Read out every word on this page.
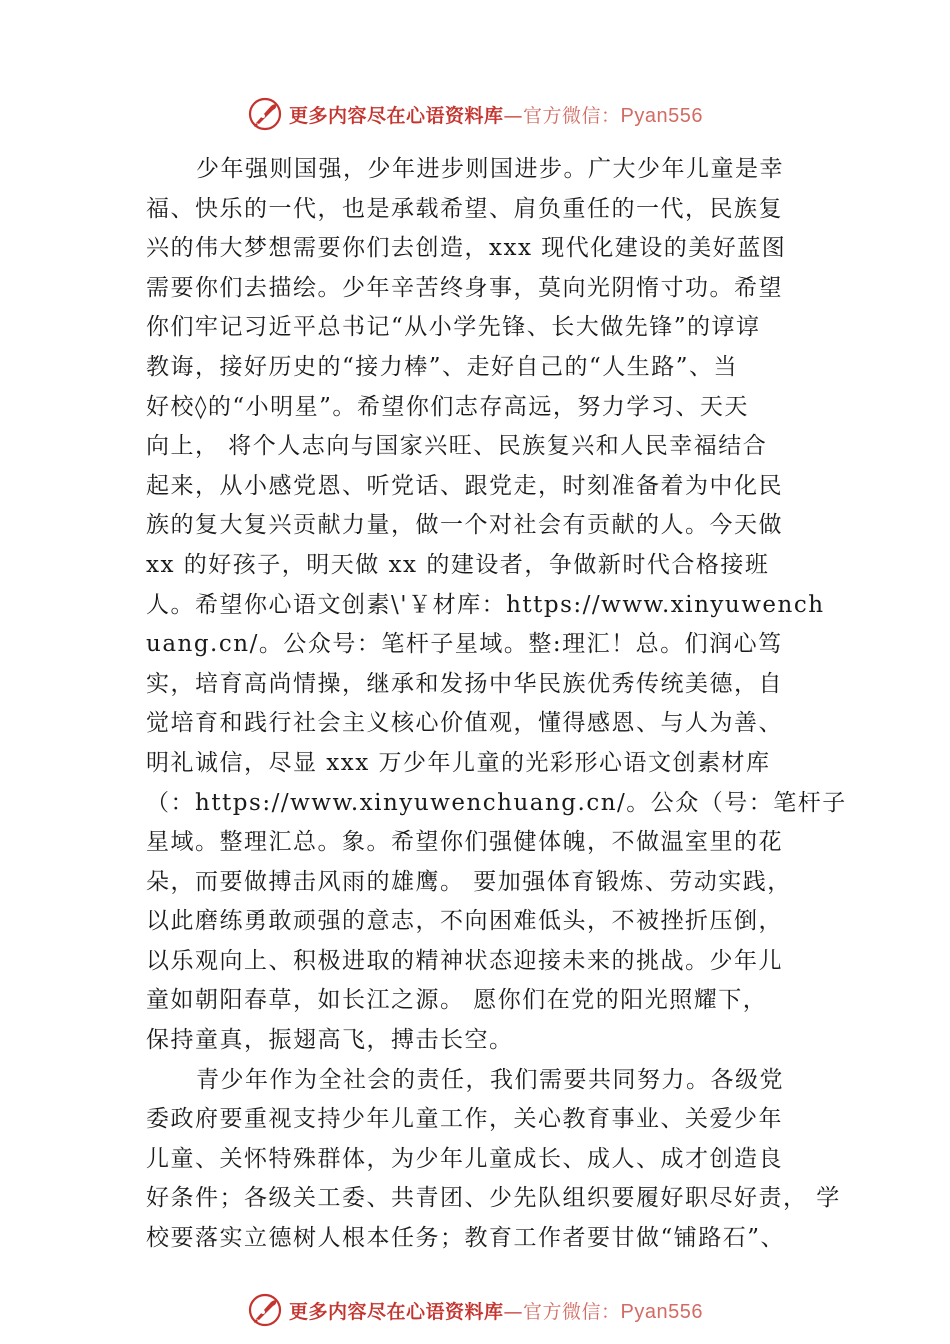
更多内容尽在心语资料库—官方微信：Pyan556
少年强则国强，少年进步则国进步。广大少年儿童是幸
福、快乐的一代，也是承载希望、肩负重任的一代，民族复
兴的伟大梦想需要你们去创造，xxx 现代化建设的美好蓝图
需要你们去描绘。少年辛苦终身事，莫向光阴惰寸功。希望
你们牢记习近平总书记“从小学先锋、长大做先锋”的谆谆
教诲，接好历史的“接力棒”、走好自己的“人生路”、当
好校◊的“小明星”。希望你们志存高远，努力学习、天天
向上， 将个人志向与国家兴旺、民族复兴和人民幸福结合
起来，从小感党恩、听党话、跟党走，时刻准备着为中化民
族的复大复兴贡献力量，做一个对社会有贡献的人。今天做
xx 的好孩子，明天做 xx 的建设者，争做新时代合格接班
人。希望你心语文创素\'￥材库：https://www.xinyuwench
uang.cn/。公众号：笔杆子星域。整:理汇！总。们润心笃
实，培育高尚情操，继承和发扬中华民族优秀传统美德，自
觉培育和践行社会主义核心价值观，懂得感恩、与人为善、
明礼诚信，尽显 xxx 万少年儿童的光彩形心语文创素材库
（：https://www.xinyuwenchuang.cn/。公众（号：笔杆子
星域。整理汇总。象。希望你们强健体魄，不做温室里的花
朵，而要做搏击风雨的雄鹰。 要加强体育锻炼、劳动实践，
以此磨练勇敢顽强的意志，不向困难低头，不被挫折压倒，
以乐观向上、积极进取的精神状态迎接未来的挑战。少年儿
童如朝阳春草，如长江之源。 愿你们在党的阳光照耀下，
保持童真，振翅高飞，搏击长空。
青少年作为全社会的责任，我们需要共同努力。各级党
委政府要重视支持少年儿童工作，关心教育事业、关爱少年
儿童、关怀特殊群体，为少年儿童成长、成人、成才创造良
好条件；各级关工委、共青团、少先队组织要履好职尽好责， 学
校要落实立德树人根本任务；教育工作者要甘做“铺路石”、
更多内容尽在心语资料库—官方微信：Pyan556
